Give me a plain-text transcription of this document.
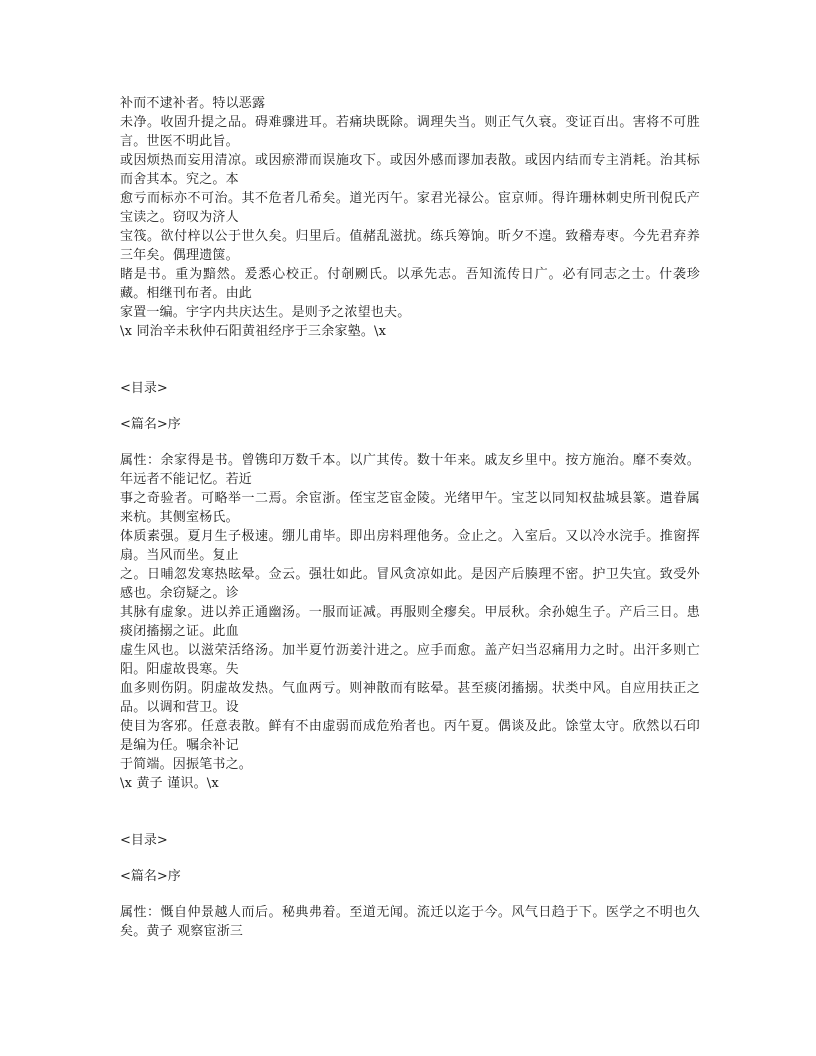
补而不逮补者。特以恶露

未净。收固升提之品。碍难骤进耳。若痛块既除。调理失当。则正气久衰。变证百出。害将不可胜言。世医不明此旨。

或因烦热而妄用清凉。或因瘀滞而误施攻下。或因外感而谬加表散。或因内结而专主消耗。治其标而舍其本。究之。本

愈亏而标亦不可治。其不危者几希矣。道光丙午。家君光禄公。宦京师。得许珊林刺史所刊倪氏产宝读之。窃叹为济人

宝筏。欲付梓以公于世久矣。归里后。值赭乱滋扰。练兵筹饷。昕夕不遑。致稽寿枣。今先君弃养三年矣。偶理遗箧。

睹是书。重为黯然。爰悉心校正。付剞劂氏。以承先志。吾知流传日广。必有同志之士。什袭珍藏。相继刊布者。由此

家置一编。宇字内共庆达生。是则予之浓望也夫。

\x 同治辛未秋仲石阳黄祖经序于三余家塾。\x

<目录>

<篇名>序

属性：余家得是书。曾镌印万数千本。以广其传。数十年来。戚友乡里中。按方施治。靡不奏效。年远者不能记忆。若近

事之奇验者。可略举一二焉。余宦浙。侄宝芝宦金陵。光绪甲午。宝芝以同知权盐城县篆。遣眷属来杭。其侧室杨氏。

体质素强。夏月生子极速。绷儿甫毕。即出房料理他务。佥止之。入室后。又以冷水浣手。推窗挥扇。当风而坐。复止

之。日晡忽发寒热眩晕。佥云。强壮如此。冒风贪凉如此。是因产后腠理不密。护卫失宜。致受外感也。余窃疑之。诊

其脉有虚象。进以养正通幽汤。一服而证减。再服则全瘳矣。甲辰秋。余孙媳生子。产后三日。患痰闭搐搦之证。此血

虚生风也。以滋荣活络汤。加半夏竹沥姜汁进之。应手而愈。盖产妇当忍痛用力之时。出汗多则亡阳。阳虚故畏寒。失

血多则伤阴。阴虚故发热。气血两亏。则神散而有眩晕。甚至痰闭搐搦。状类中风。自应用扶正之品。以调和营卫。设

使目为客邪。任意表散。鲜有不由虚弱而成危殆者也。丙午夏。偶谈及此。馀堂太守。欣然以石印是编为任。嘱余补记

于简端。因振笔书之。

\x 黄子 谨识。\x

<目录>

<篇名>序

属性：慨自仲景越人而后。秘典弗着。至道无闻。流迁以迄于今。风气日趋于下。医学之不明也久矣。黄子 观察宦浙三
